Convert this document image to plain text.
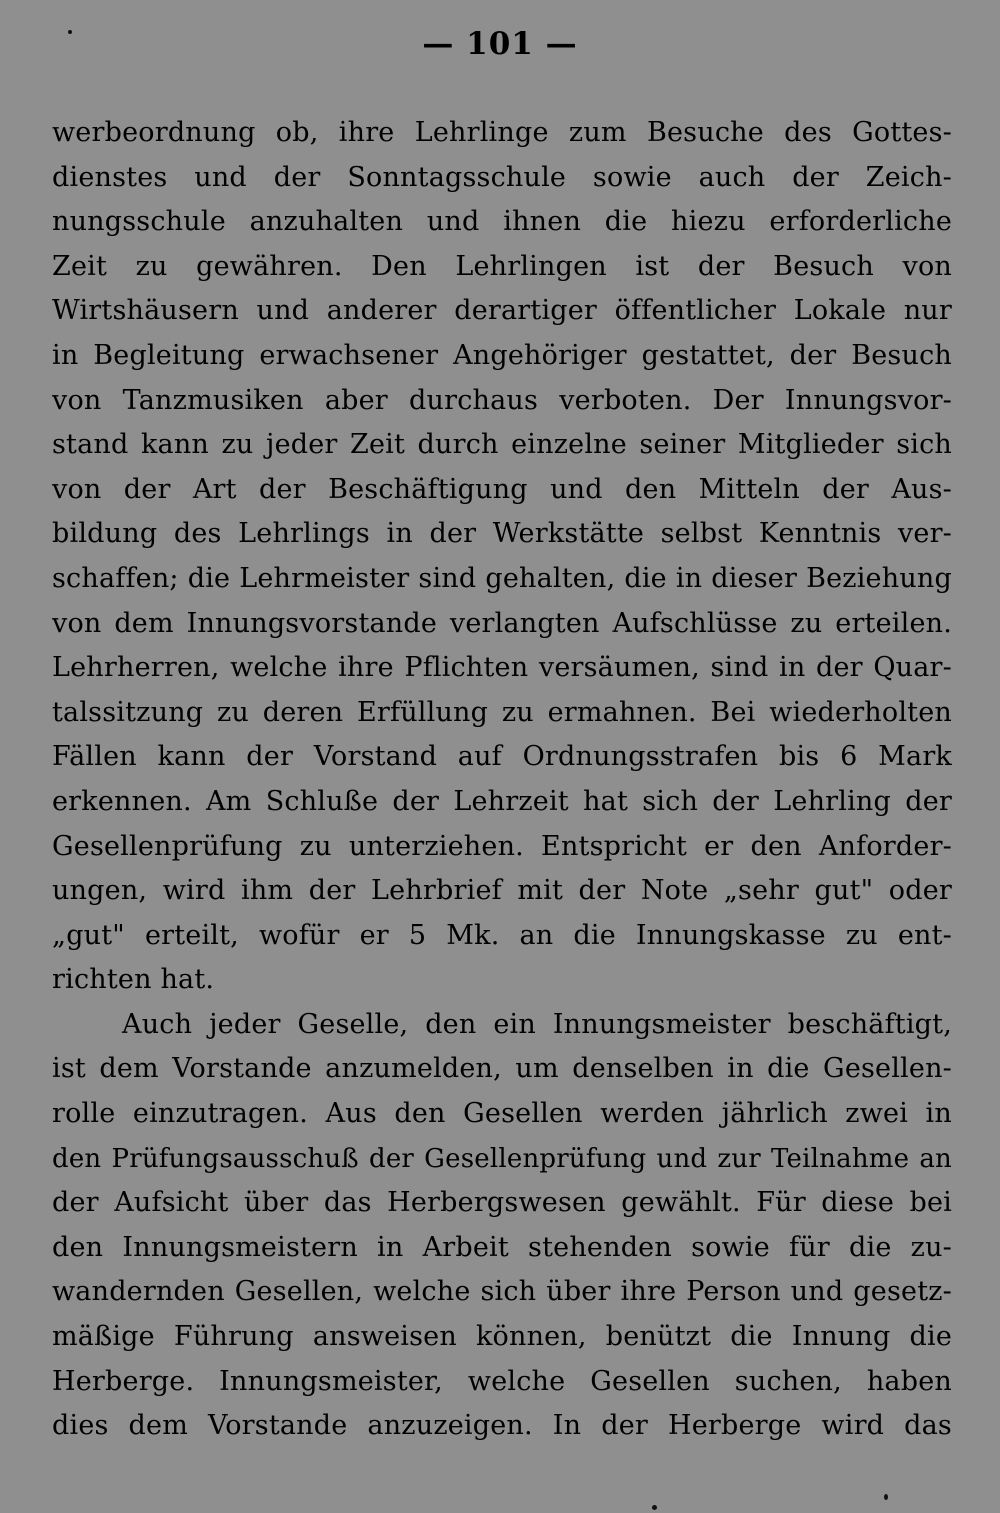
— 101 —
werbeordnung ob, ihre Lehrlinge zum Besuche des Gottes-
dienstes und der Sonntagsschule sowie auch der Zeich-
nungsschule anzuhalten und ihnen die hiezu erforderliche
Zeit zu gewähren. Den Lehrlingen ist der Besuch von
Wirtshäusern und anderer derartiger öffentlicher Lokale nur
in Begleitung erwachsener Angehöriger gestattet, der Besuch
von Tanzmusiken aber durchaus verboten. Der Innungsvor-
stand kann zu jeder Zeit durch einzelne seiner Mitglieder sich
von der Art der Beschäftigung und den Mitteln der Aus-
bildung des Lehrlings in der Werkstätte selbst Kenntnis ver-
schaffen; die Lehrmeister sind gehalten, die in dieser Beziehung
von dem Innungsvorstande verlangten Aufschlüsse zu erteilen.
Lehrherren, welche ihre Pflichten versäumen, sind in der Quar-
talssitzung zu deren Erfüllung zu ermahnen. Bei wiederholten
Fällen kann der Vorstand auf Ordnungsstrafen bis 6 Mark
erkennen. Am Schluße der Lehrzeit hat sich der Lehrling der
Gesellenprüfung zu unterziehen. Entspricht er den Anforder-
ungen, wird ihm der Lehrbrief mit der Note „sehr gut" oder
„gut" erteilt, wofür er 5 Mk. an die Innungskasse zu ent-
richten hat.
Auch jeder Geselle, den ein Innungsmeister beschäftigt,
ist dem Vorstande anzumelden, um denselben in die Gesellen-
rolle einzutragen. Aus den Gesellen werden jährlich zwei in
den Prüfungsausschuß der Gesellenprüfung und zur Teilnahme an
der Aufsicht über das Herbergswesen gewählt. Für diese bei
den Innungsmeistern in Arbeit stehenden sowie für die zu-
wandernden Gesellen, welche sich über ihre Person und gesetz-
mäßige Führung answeisen können, benützt die Innung die
Herberge. Innungsmeister, welche Gesellen suchen, haben
dies dem Vorstande anzuzeigen. In der Herberge wird das
